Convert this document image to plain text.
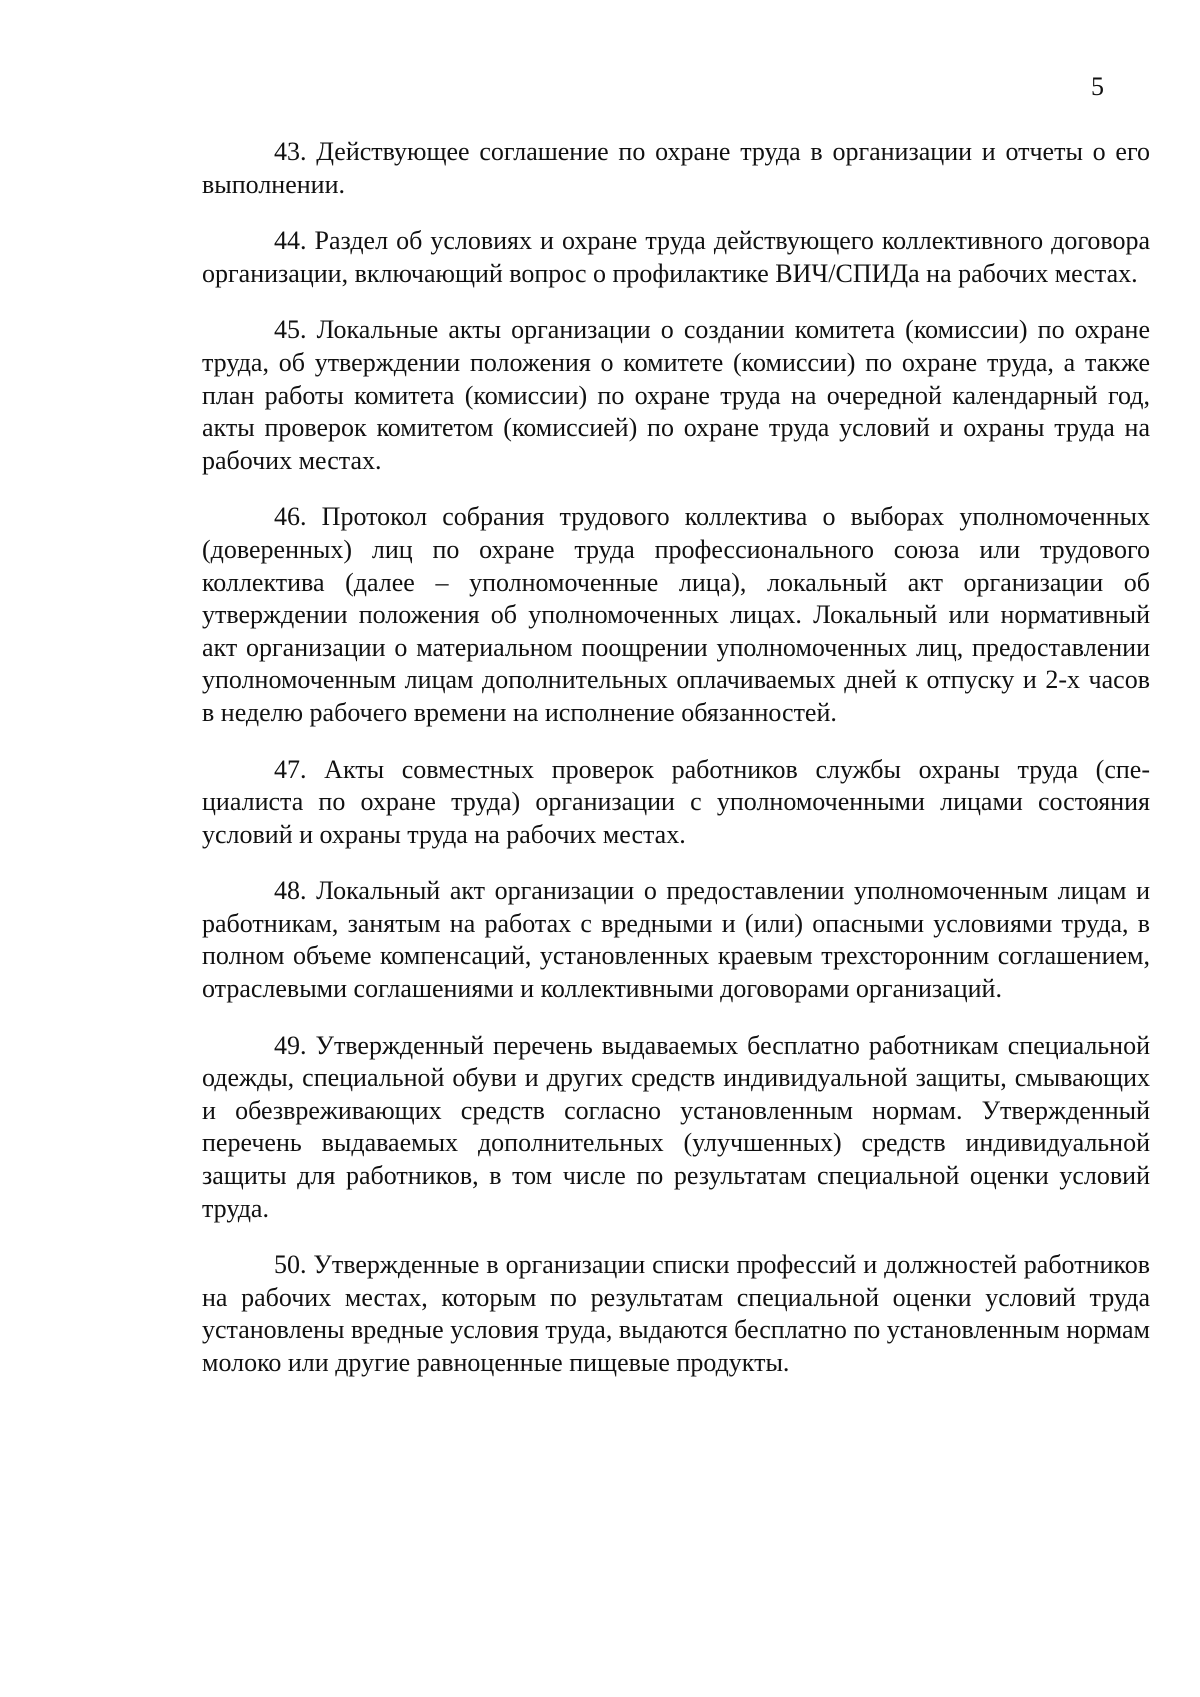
5

43. Действующее соглашение по охране труда в организации и отчеты о его выполнении.

44. Раздел об условиях и охране труда действующего коллективного договора организации, включающий вопрос о профилактике ВИЧ/СПИДа на рабочих местах.

45. Локальные акты организации о создании комитета (комиссии) по охране труда, об утверждении положения о комитете (комиссии) по охране труда, а также план работы комитета (комиссии) по охране труда на очередной календарный год, акты проверок комитетом (комиссией) по охране труда условий и охраны труда на рабочих местах.

46. Протокол собрания трудового коллектива о выборах уполномоченных (доверенных) лиц по охране труда профессионального союза или трудового коллектива (далее – уполномоченные лица), локальный акт организации об утверждении положения об уполномоченных лицах. Локальный или нормативный акт организации о материальном поощрении уполномоченных лиц, предоставлении уполномоченным лицам дополнительных оплачиваемых дней к отпуску и 2-х часов в неделю рабочего времени на исполнение обязанностей.

47. Акты совместных проверок работников службы охраны труда (специалиста по охране труда) организации с уполномоченными лицами состояния условий и охраны труда на рабочих местах.

48. Локальный акт организации о предоставлении уполномоченным лицам и работникам, занятым на работах с вредными и (или) опасными условиями труда, в полном объеме компенсаций, установленных краевым трехсторонним соглашением, отраслевыми соглашениями и коллективными договорами организаций.

49. Утвержденный перечень выдаваемых бесплатно работникам специальной одежды, специальной обуви и других средств индивидуальной защиты, смывающих и обезвреживающих средств согласно установленным нормам. Утвержденный перечень выдаваемых дополнительных (улучшенных) средств индивидуальной защиты для работников, в том числе по результатам специальной оценки условий труда.

50. Утвержденные в организации списки профессий и должностей работников на рабочих местах, которым по результатам специальной оценки условий труда установлены вредные условия труда, выдаются бесплатно по установленным нормам молоко или другие равноценные пищевые продукты.
